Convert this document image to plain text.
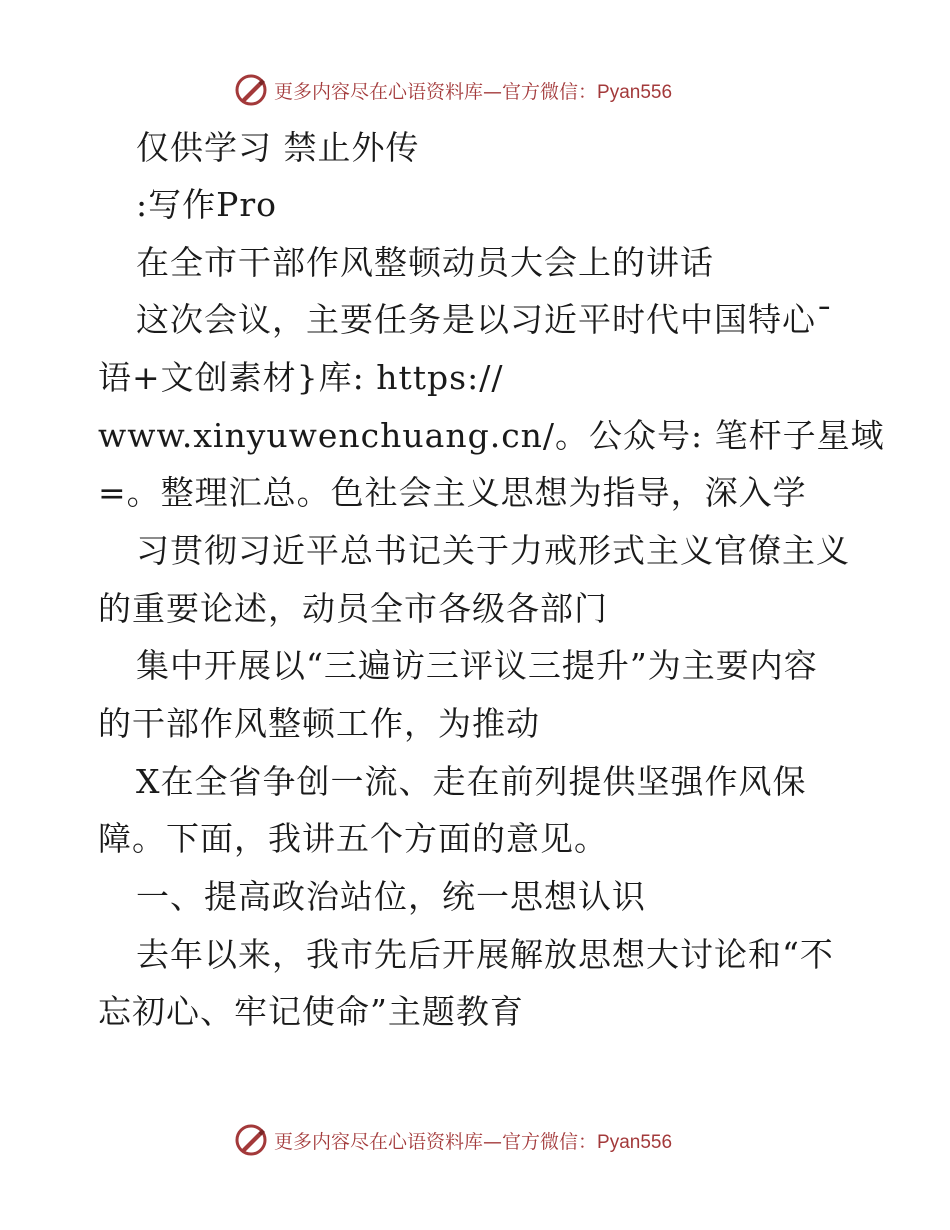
更多内容尽在心语资料库—官方微信：Pyan556
仅供学习 禁止外传
:写作Pro
在全市干部作风整顿动员大会上的讲话
这次会议，主要任务是以习近平时代中国特心¯
语+文创素材}库: https://
www.xinyuwenchuang.cn/。公众号: 笔杆子星域
=。整理汇总。色社会主义思想为指导，深入学
习贯彻习近平总书记关于力戒形式主义官僚主义
的重要论述，动员全市各级各部门
集中开展以“三遍访三评议三提升”为主要内容
的干部作风整顿工作，为推动
X在全省争创一流、走在前列提供坚强作风保
障。下面，我讲五个方面的意见。
一、提高政治站位，统一思想认识
去年以来，我市先后开展解放思想大讨论和“不
忘初心、牢记使命”主题教育
更多内容尽在心语资料库—官方微信：Pyan556
